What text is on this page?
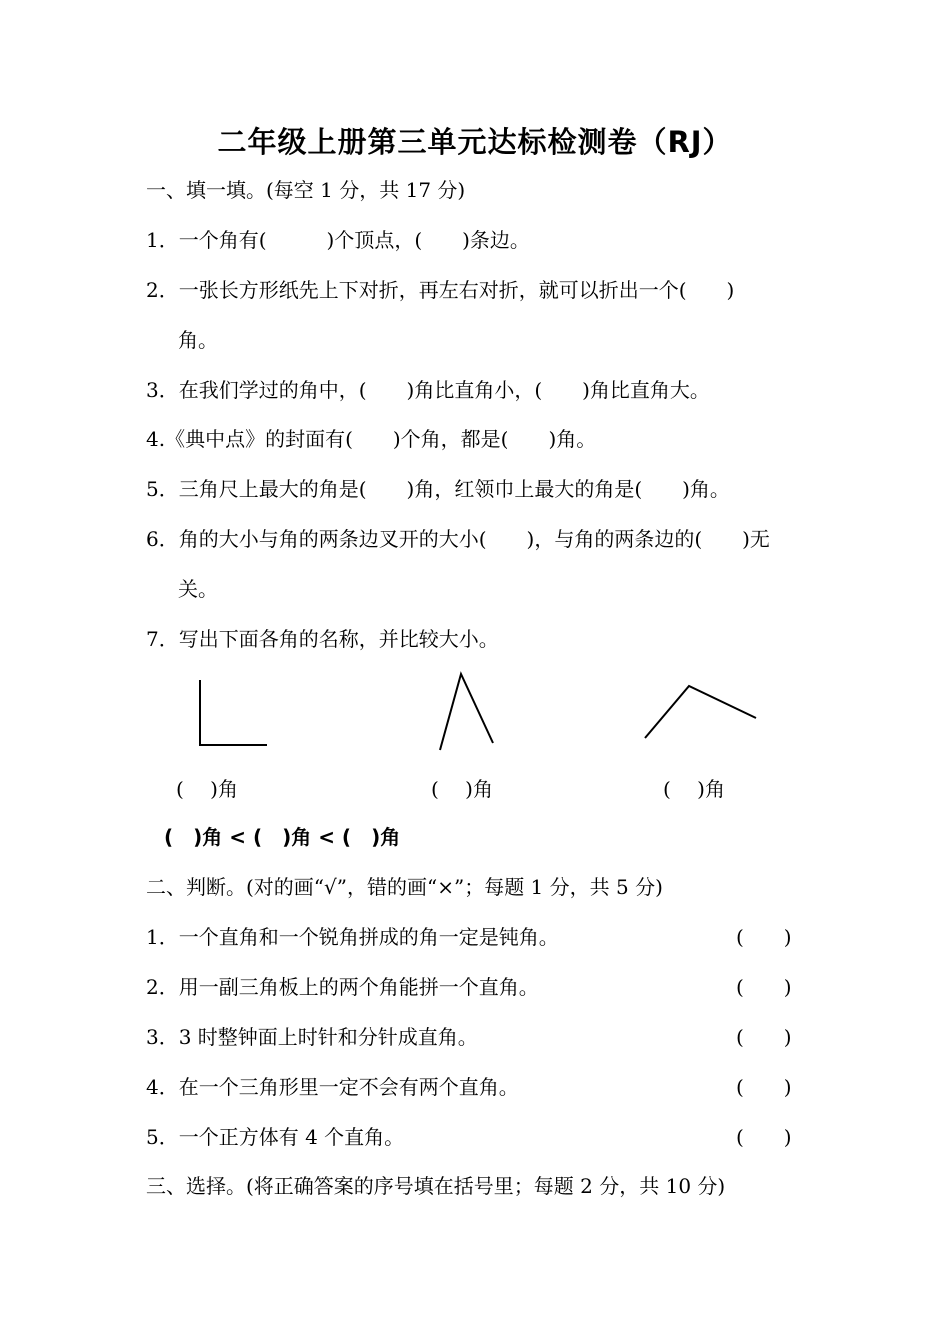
二年级上册第三单元达标检测卷（RJ）
一、填一填。(每空 1 分，共 17 分)
1．一个角有(　　　)个顶点，(　　)条边。
2．一张长方形纸先上下对折，再左右对折，就可以折出一个(　　)
角。
3．在我们学过的角中，(　　)角比直角小，(　　)角比直角大。
4.《典中点》的封面有(　　)个角，都是(　　)角。
5．三角尺上最大的角是(　　)角，红领巾上最大的角是(　　)角。
6．角的大小与角的两条边叉开的大小(　　)，与角的两条边的(　　)无
关。
7．写出下面各角的名称，并比较大小。
(　 )角	(　 )角	(　 )角
(　)角 < (　)角 < (　)角
二、判断。(对的画“√”，错的画“×”；每题 1 分，共 5 分)
1．一个直角和一个锐角拼成的角一定是钝角。	(　　)
2．用一副三角板上的两个角能拼一个直角。	(　　)
3．3 时整钟面上时针和分针成直角。	(　　)
4．在一个三角形里一定不会有两个直角。	(　　)
5．一个正方体有 4 个直角。	(　　)
三、选择。(将正确答案的序号填在括号里；每题 2 分，共 10 分)
